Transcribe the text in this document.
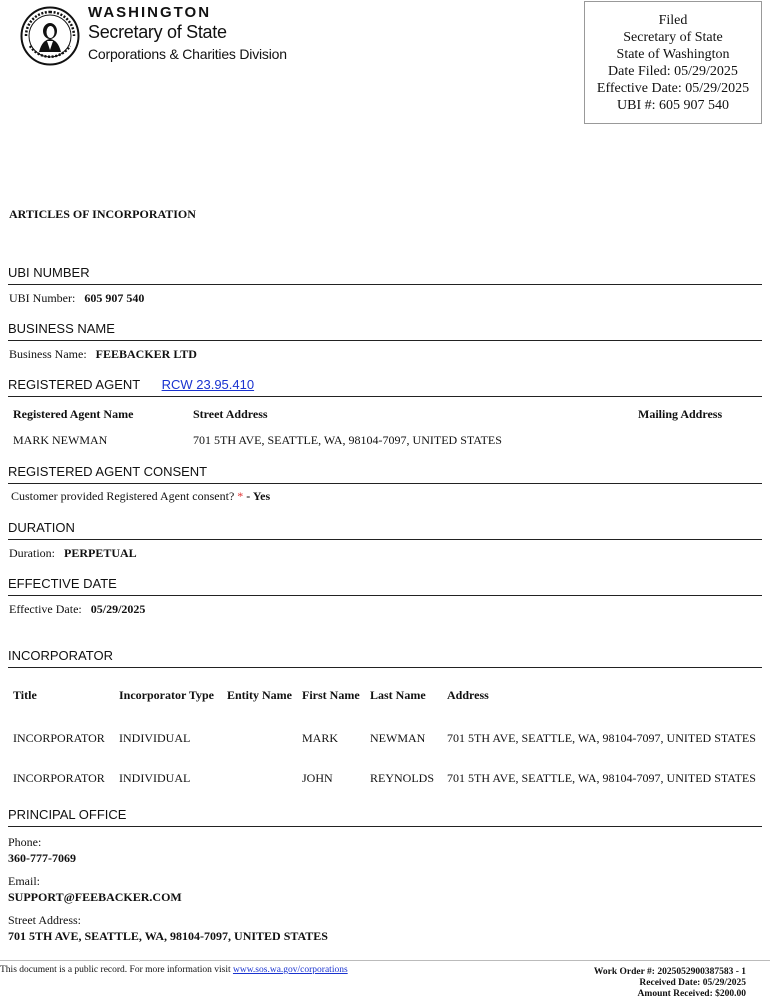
WASHINGTON
Secretary of State
Corporations & Charities Division
Filed
Secretary of State
State of Washington
Date Filed: 05/29/2025
Effective Date: 05/29/2025
UBI #: 605 907 540
ARTICLES OF INCORPORATION
UBI NUMBER
UBI Number: 605 907 540
BUSINESS NAME
Business Name: FEEBACKER LTD
REGISTERED AGENT RCW 23.95.410
Registered Agent Name	Street Address	Mailing Address
MARK NEWMAN	701 5TH AVE, SEATTLE, WA, 98104-7097, UNITED STATES	
REGISTERED AGENT CONSENT
Customer provided Registered Agent consent? * - Yes
DURATION
Duration: PERPETUAL
EFFECTIVE DATE
Effective Date: 05/29/2025
INCORPORATOR
Title	Incorporator Type	Entity Name	First Name	Last Name	Address
INCORPORATOR	INDIVIDUAL		MARK	NEWMAN	701 5TH AVE, SEATTLE, WA, 98104-7097, UNITED STATES
INCORPORATOR	INDIVIDUAL		JOHN	REYNOLDS	701 5TH AVE, SEATTLE, WA, 98104-7097, UNITED STATES
PRINCIPAL OFFICE
Phone:
360-777-7069
Email:
SUPPORT@FEEBACKER.COM
Street Address:
701 5TH AVE, SEATTLE, WA, 98104-7097, UNITED STATES
This document is a public record. For more information visit www.sos.wa.gov/corporations	Work Order #: 2025052900387583 - 1
Received Date: 05/29/2025
Amount Received: $200.00
